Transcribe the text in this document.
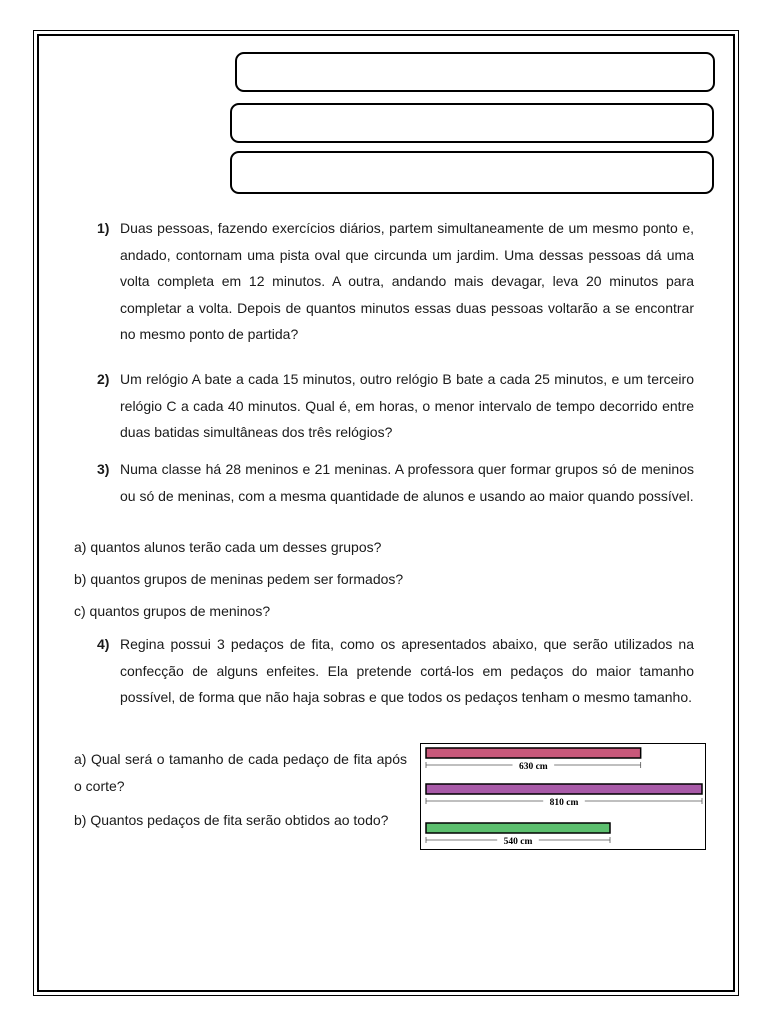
1) Duas pessoas, fazendo exercícios diários, partem simultaneamente de um mesmo ponto e, andado, contornam uma pista oval que circunda um jardim. Uma dessas pessoas dá uma volta completa em 12 minutos. A outra, andando mais devagar, leva 20 minutos para completar a volta. Depois de quantos minutos essas duas pessoas voltarão a se encontrar no mesmo ponto de partida?
2) Um relógio A bate a cada 15 minutos, outro relógio B bate a cada 25 minutos, e um terceiro relógio C a cada 40 minutos. Qual é, em horas, o menor intervalo de tempo decorrido entre duas batidas simultâneas dos três relógios?
3) Numa classe há 28 meninos e 21 meninas. A professora quer formar grupos só de meninos ou só de meninas, com a mesma quantidade de alunos e usando ao maior quando possível.
a) quantos alunos terão cada um desses grupos?
b) quantos grupos de meninas pedem ser formados?
c) quantos grupos de meninos?
4) Regina possui 3 pedaços de fita, como os apresentados abaixo, que serão utilizados na confecção de alguns enfeites. Ela pretende cortá-los em pedaços do maior tamanho possível, de forma que não haja sobras e que todos os pedaços tenham o mesmo tamanho.
a) Qual será o tamanho de cada pedaço de fita após o corte?
b) Quantos pedaços de fita serão obtidos ao todo?
630 cm
810 cm
540 cm
